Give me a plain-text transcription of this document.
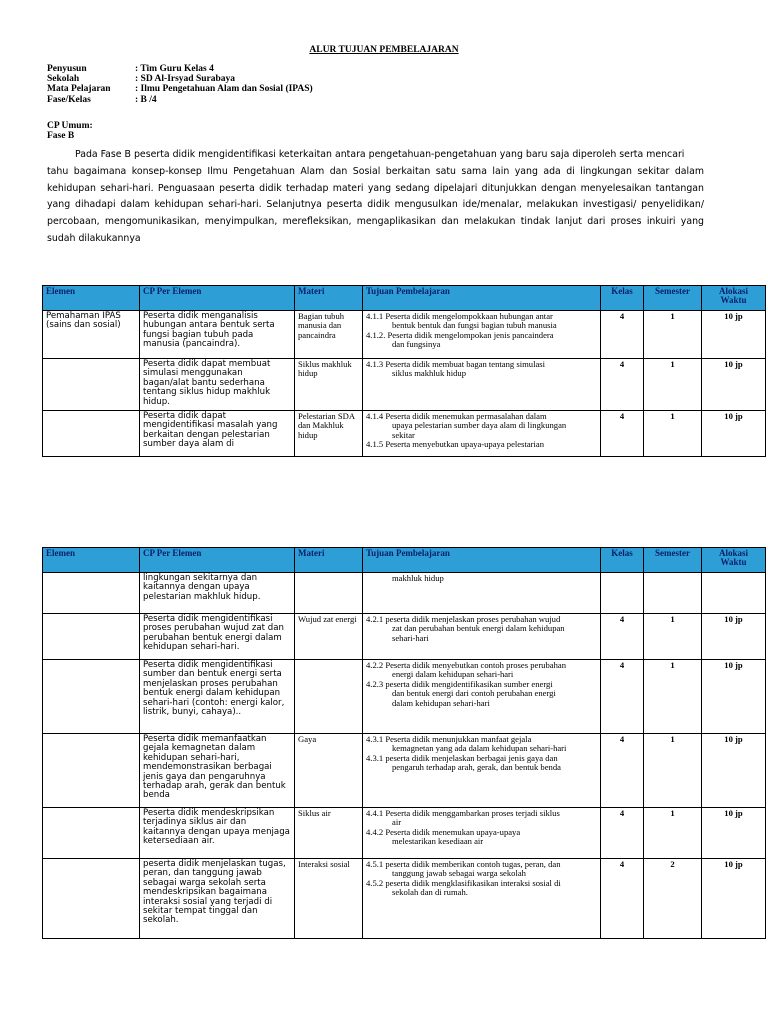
ALUR TUJUAN PEMBELAJARAN
Penyusun	: Tim Guru Kelas 4
Sekolah	: SD Al-Irsyad Surabaya
Mata Pelajaran	: Ilmu Pengetahuan Alam dan Sosial (IPAS)
Fase/Kelas	: B /4
CP Umum:
Fase B

Pada Fase B peserta didik mengidentifikasi keterkaitan antara pengetahuan-pengetahuan yang baru saja diperoleh serta mencari

tahu bagaimana konsep-konsep Ilmu Pengetahuan Alam dan Sosial berkaitan satu sama lain yang ada di lingkungan sekitar dalam kehidupan sehari-hari. Penguasaan peserta didik terhadap materi yang sedang dipelajari ditunjukkan dengan menyelesaikan tantangan yang dihadapi dalam kehidupan sehari-hari. Selanjutnya peserta didik mengusulkan ide/menalar, melakukan investigasi/ penyelidikan/ percobaan, mengomunikasikan, menyimpulkan, merefleksikan, mengaplikasikan dan melakukan tindak lanjut dari proses inkuiri yang sudah dilakukannya

Elemen	CP Per Elemen	Materi	Tujuan Pembelajaran	Kelas	Semester	Alokasi Waktu
Pemahaman IPAS (sains dan sosial)	Peserta didik menganalisis hubungan antara bentuk serta fungsi bagian tubuh pada manusia (pancaindra).	Bagian tubuh manusia dan pancaindra	4.1.1 Peserta didik mengelompokkaan hubungan antar
bentuk bentuk dan fungsi bagian tubuh manusia
4.1.2. Peserta didik mengelompokan jenis pancaindera
dan fungsinya	4	1	10 jp
	Peserta didik dapat membuat simulasi menggunakan bagan/alat bantu sederhana tentang siklus hidup makhluk hidup.	Siklus makhluk hidup	4.1.3 Peserta didik membuat bagan tentang simulasi
siklus makhluk hidup	4	1	10 jp
	Peserta didik dapat mengidentifikasi masalah yang berkaitan dengan pelestarian sumber daya alam di	Pelestarian SDA dan Makhluk hidup	4.1.4 Peserta didik menemukan permasalahan dalam
upaya pelestarian sumber daya alam di lingkungan
sekitar
4.1.5 Peserta menyebutkan upaya-upaya pelestarian	4	1	10 jp
Elemen	CP Per Elemen	Materi	Tujuan Pembelajaran	Kelas	Semester	Alokasi Waktu
	lingkungan sekitarnya dan kaitannya dengan upaya pelestarian makhluk hidup.		makhluk hidup			

	Peserta didik mengidentifikasi proses perubahan wujud zat dan perubahan bentuk energi dalam kehidupan sehari-hari.	Wujud zat energi	4.2.1 peserta didik menjelaskan proses perubahan wujud
zat dan perubahan bentuk energi dalam kehidupan
sehari-hari	4	1	10 jp
	Peserta didik mengidentifikasi sumber dan bentuk energi serta menjelaskan proses perubahan bentuk energi dalam kehidupan sehari-hari (contoh: energi kalor, listrik, bunyi, cahaya)..		4.2.2 Peserta didik menyebutkan contoh proses perubahan
energi dalam kehidupan sehari-hari
4.2.3 peserta didik mengidentifikasikan sumber energi
dan bentuk energi dari contoh perubahan energi
dalam kehidupan sehari-hari	4	1	10 jp
	Peserta didik memanfaatkan gejala kemagnetan dalam kehidupan sehari-hari, mendemonstrasikan berbagai jenis gaya dan pengaruhnya terhadap arah, gerak dan bentuk benda	Gaya	4.3.1 Peserta didik menunjukkan manfaat gejala
kemagnetan yang ada dalam kehidupan sehari-hari
4.3.1 peserta didik menjelaskan berbagai jenis gaya dan
pengaruh terhadap arah, gerak, dan bentuk benda	4	1	10 jp
	Peserta didik mendeskripsikan terjadinya siklus air dan kaitannya dengan upaya menjaga ketersediaan air.	Siklus air	4.4.1 Peserta didik menggambarkan proses terjadi siklus
air
4.4.2 Peserta didik menemukan upaya-upaya
melestarikan kesediaan air	4	1	10 jp
	peserta didik menjelaskan tugas, peran, dan tanggung jawab sebagai warga sekolah serta mendeskripsikan bagaimana interaksi sosial yang terjadi di sekitar tempat tinggal dan sekolah.	Interaksi sosial	4.5.1 peserta didik memberikan contoh tugas, peran, dan
tanggung jawab sebagai warga sekolah
4.5.2 peserta didik mengklasifikasikan interaksi sosial di
sekolah dan di rumah.	4	2	10 jp
